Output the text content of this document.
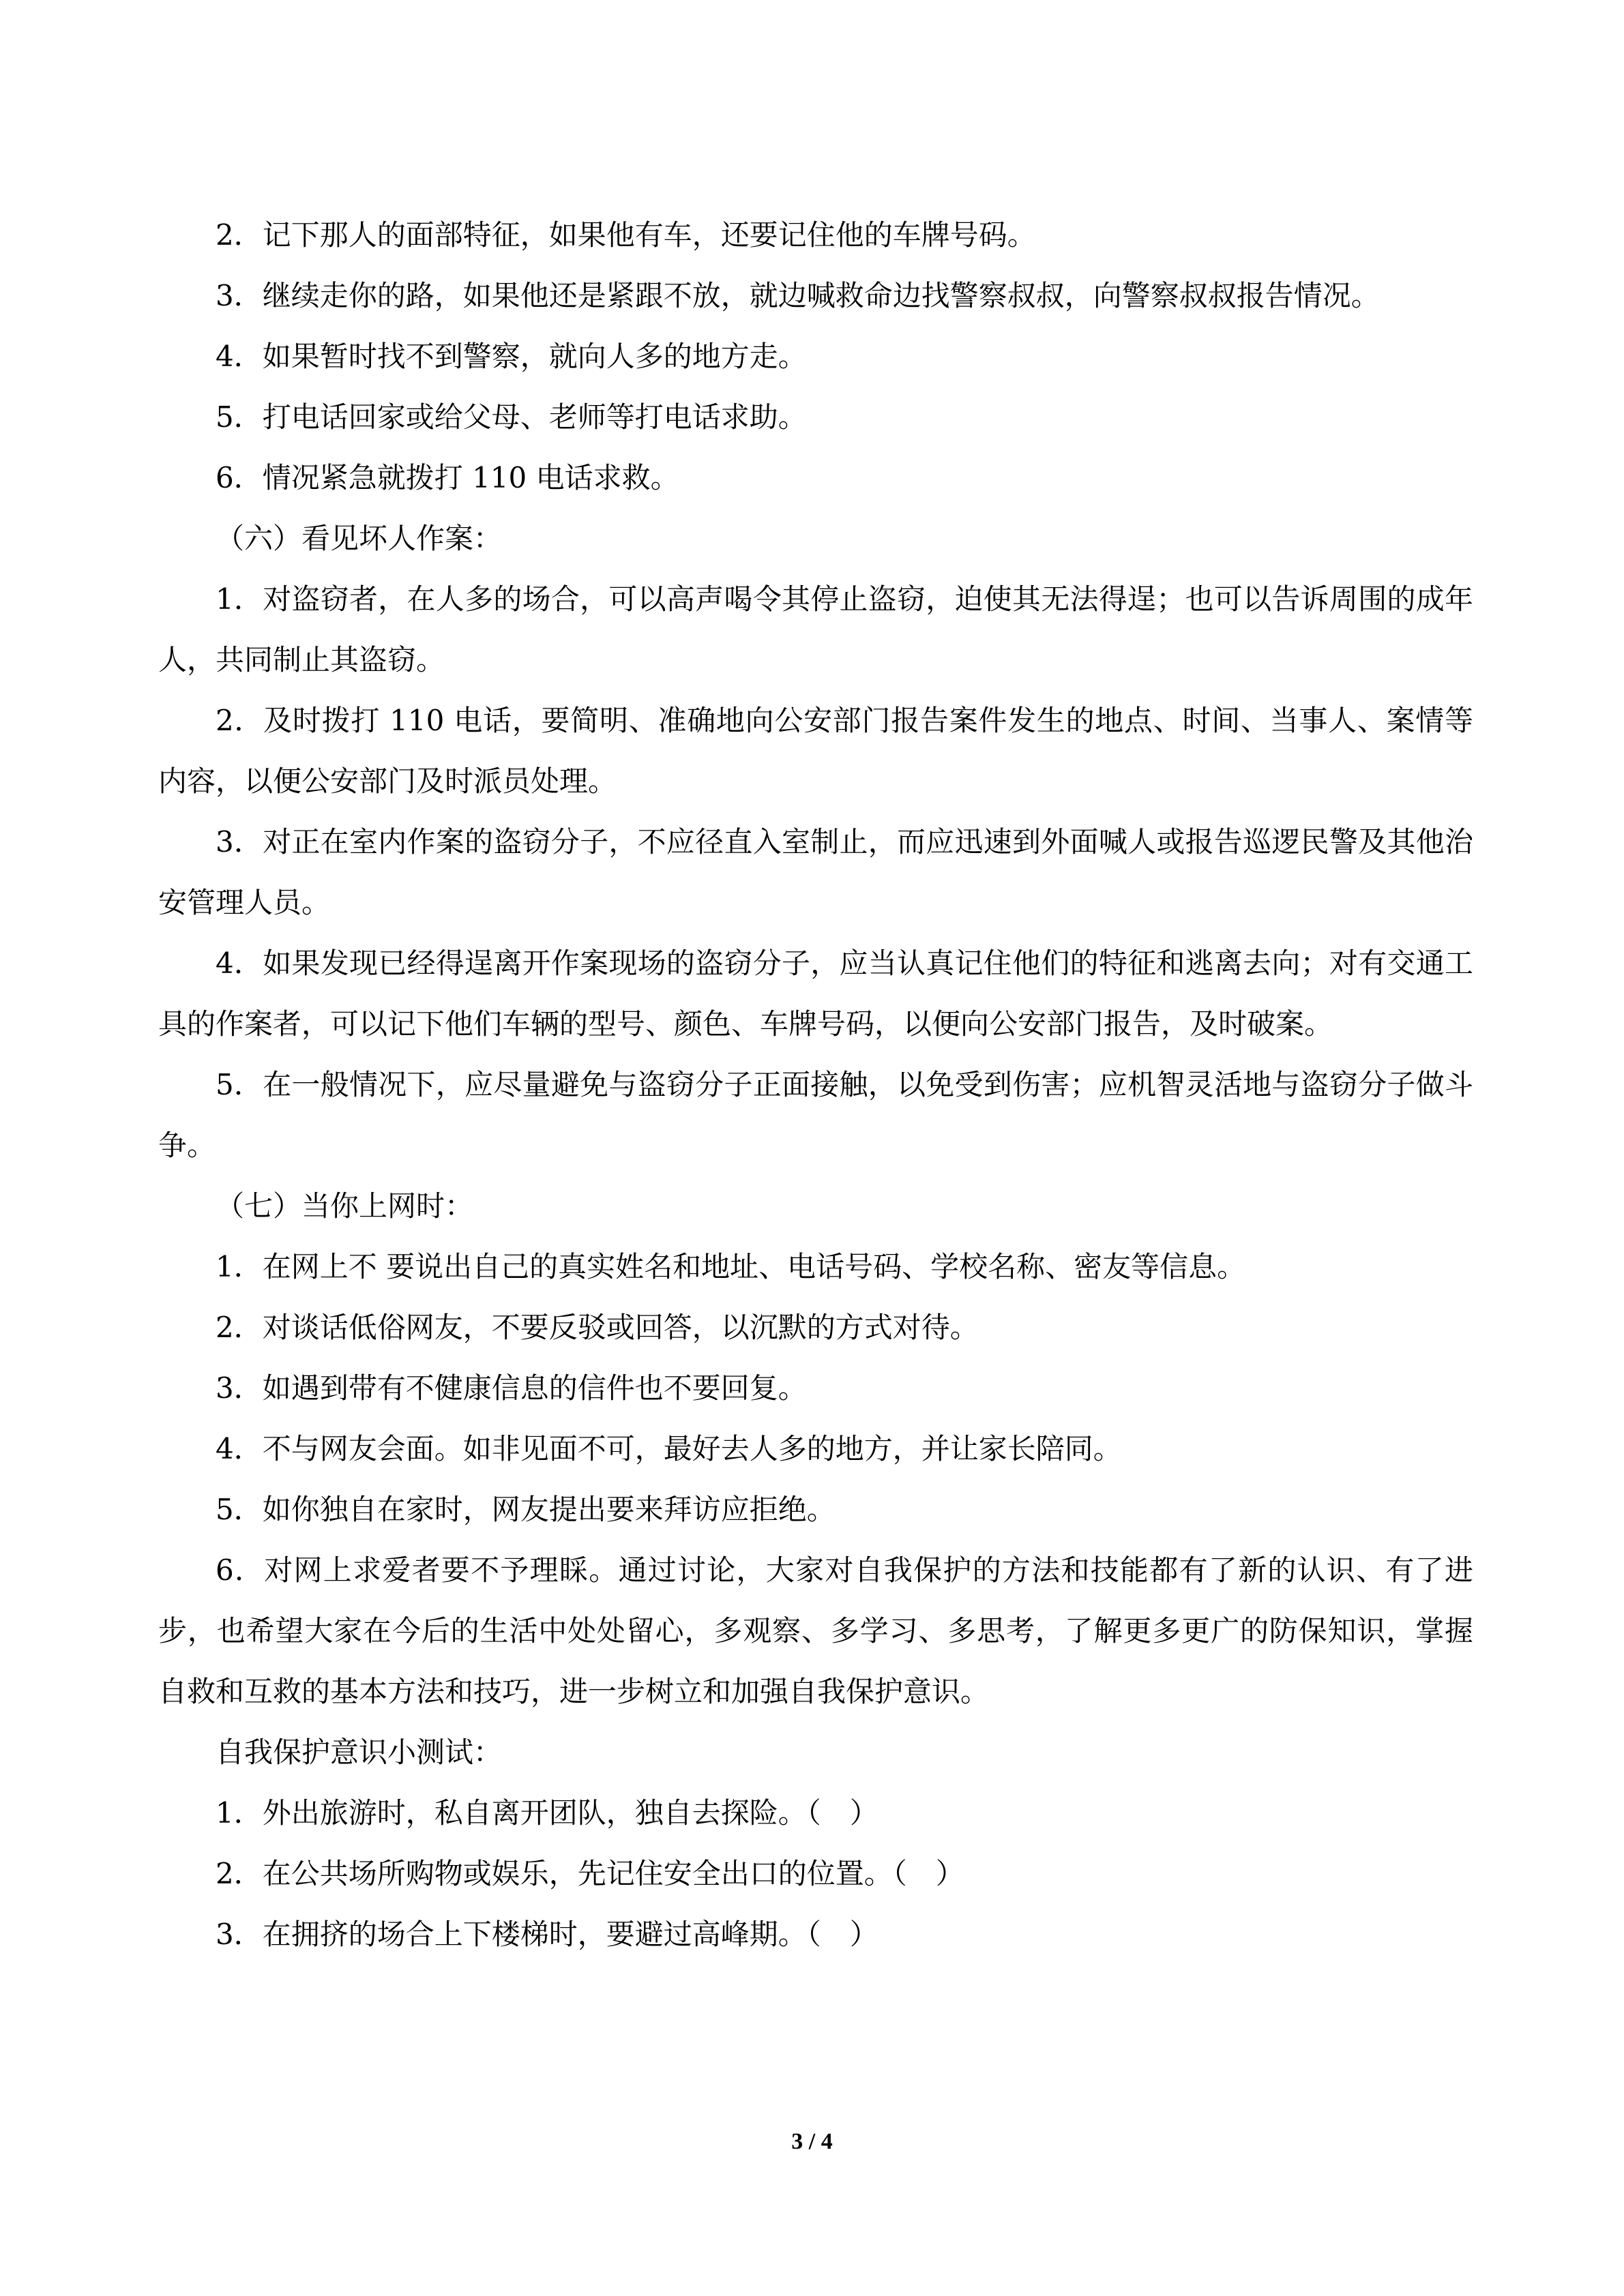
2．记下那人的面部特征，如果他有车，还要记住他的车牌号码。

3．继续走你的路，如果他还是紧跟不放，就边喊救命边找警察叔叔，向警察叔叔报告情况。

4．如果暂时找不到警察，就向人多的地方走。

5．打电话回家或给父母、老师等打电话求助。

6．情况紧急就拨打 110 电话求救。

（六）看见坏人作案：

1．对盗窃者，在人多的场合，可以高声喝令其停止盗窃，迫使其无法得逞；也可以告诉周围的成年人，共同制止其盗窃。

2．及时拨打 110 电话，要简明、准确地向公安部门报告案件发生的地点、时间、当事人、案情等内容，以便公安部门及时派员处理。

3．对正在室内作案的盗窃分子，不应径直入室制止，而应迅速到外面喊人或报告巡逻民警及其他治安管理人员。

4．如果发现已经得逞离开作案现场的盗窃分子，应当认真记住他们的特征和逃离去向；对有交通工具的作案者，可以记下他们车辆的型号、颜色、车牌号码，以便向公安部门报告，及时破案。

5．在一般情况下，应尽量避免与盗窃分子正面接触，以免受到伤害；应机智灵活地与盗窃分子做斗争。

（七）当你上网时：

1．在网上不 要说出自己的真实姓名和地址、电话号码、学校名称、密友等信息。

2．对谈话低俗网友，不要反驳或回答，以沉默的方式对待。

3．如遇到带有不健康信息的信件也不要回复。

4．不与网友会面。如非见面不可，最好去人多的地方，并让家长陪同。

5．如你独自在家时，网友提出要来拜访应拒绝。

6．对网上求爱者要不予理睬。通过讨论，大家对自我保护的方法和技能都有了新的认识、有了进步，也希望大家在今后的生活中处处留心，多观察、多学习、多思考，了解更多更广的防保知识，掌握自救和互救的基本方法和技巧，进一步树立和加强自我保护意识。

自我保护意识小测试：

1．外出旅游时，私自离开团队，独自去探险。（　）

2．在公共场所购物或娱乐，先记住安全出口的位置。（　）

3．在拥挤的场合上下楼梯时，要避过高峰期。（　）

3 / 4
